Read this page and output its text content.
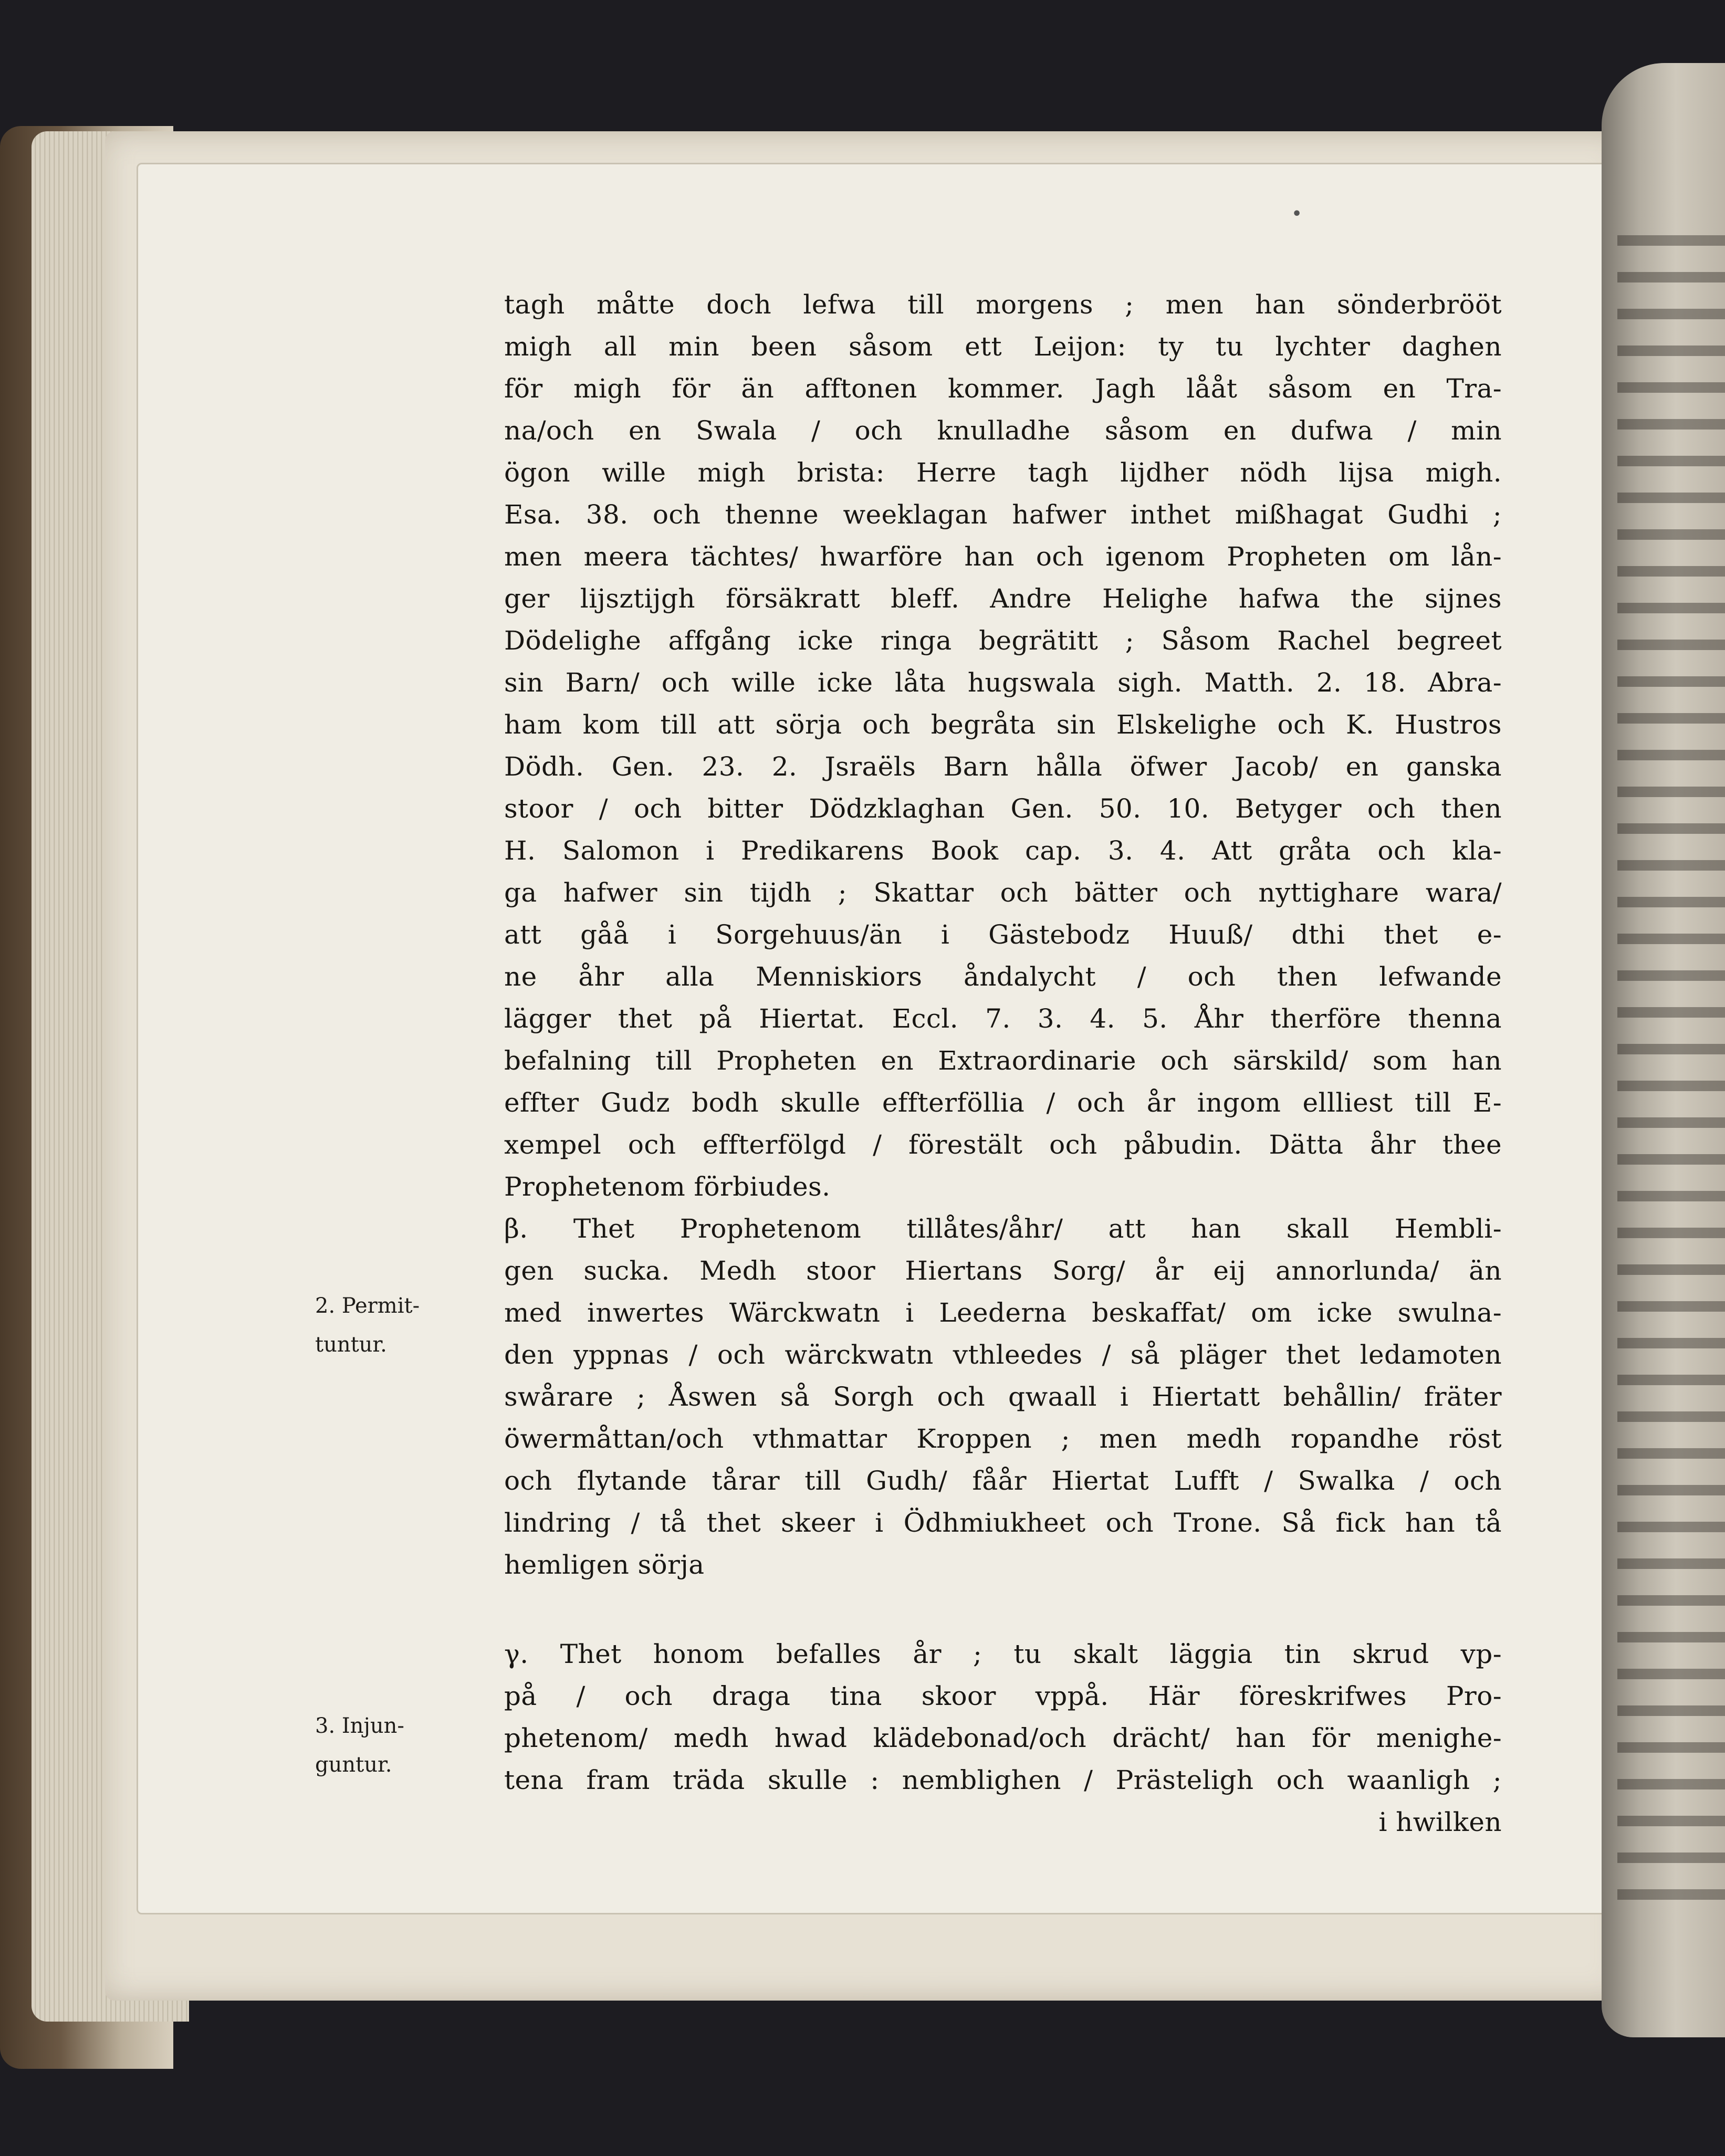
•
2. Permit-
tuntur.
3. Injun-
guntur.
tagh måtte doch lefwa till morgens ; men han sönderbrööt
migh all min been såsom ett Leijon: ty tu lychter daghen
för migh för än afftonen kommer. Jagh lååt såsom en Tra-
na/och en Swala / och knulladhe såsom en dufwa / min
ögon wille migh brista: Herre tagh lijdher nödh lijsa migh.
Esa. 38. och thenne weeklagan hafwer inthet mißhagat Gudhi ;
men meera tächtes/ hwarföre han och igenom Propheten om lån-
ger lijsztijgh försäkratt bleff. Andre Helighe hafwa the sijnes
Dödelighe affgång icke ringa begrätitt ; Såsom Rachel begreet
sin Barn/ och wille icke låta hugswala sigh. Matth. 2. 18. Abra-
ham kom till att sörja och begråta sin Elskelighe och K. Hustros
Dödh. Gen. 23. 2. Jsraëls Barn hålla öfwer Jacob/ en ganska
stoor / och bitter Dödzklaghan Gen. 50. 10. Betyger och then
H. Salomon i Predikarens Book cap. 3. 4. Att gråta och kla-
ga hafwer sin tijdh ; Skattar och bätter och nyttighare wara/
att gåå i Sorgehuus/än i Gästebodz Huuß/ dthi thet e-
ne åhr alla Menniskiors åndalycht / och then lefwande
lägger thet på Hiertat. Eccl. 7. 3. 4. 5. Åhr therföre thenna
befalning till Propheten en Extraordinarie och särskild/ som han
effter Gudz bodh skulle effterföllia / och år ingom ellliest till E-
xempel och effterfölgd / förestält och påbudin. Dätta åhr thee
Prophetenom förbiudes.
β. Thet Prophetenom tillåtes/åhr/ att han skall Hembli-
gen sucka. Medh stoor Hiertans Sorg/ år eij annorlunda/ än
med inwertes Wärckwatn i Leederna beskaffat/ om icke swulna-
den yppnas / och wärckwatn vthleedes / så pläger thet ledamoten
swårare ; Åswen så Sorgh och qwaall i Hiertatt behållin/ fräter
öwermåttan/och vthmattar Kroppen ; men medh ropandhe röst
och flytande tårar till Gudh/ fåår Hiertat Lufft / Swalka / och
lindring / tå thet skeer i Ödhmiukheet och Trone. Så fick han tå
hemligen sörja
γ. Thet honom befalles år ; tu skalt läggia tin skrud vp-
på / och draga tina skoor vppå. Här föreskrifwes Pro-
phetenom/ medh hwad klädebonad/och drächt/ han för menighe-
tena fram träda skulle : nemblighen / Prästeligh och waanligh ;
i hwilken
